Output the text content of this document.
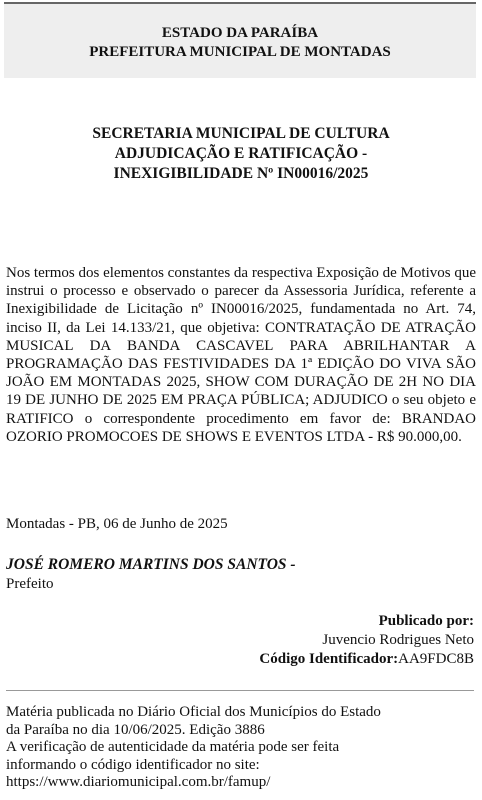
ESTADO DA PARAÍBA
PREFEITURA MUNICIPAL DE MONTADAS
SECRETARIA MUNICIPAL DE CULTURA
ADJUDICAÇÃO E RATIFICAÇÃO -
INEXIGIBILIDADE Nº IN00016/2025
Nos termos dos elementos constantes da respectiva Exposição de Motivos que instrui o processo e observado o parecer da Assessoria Jurídica, referente a Inexigibilidade de Licitação nº IN00016/2025, fundamentada no Art. 74, inciso II, da Lei 14.133/21, que objetiva: CONTRATAÇÃO DE ATRAÇÃO MUSICAL DA BANDA CASCAVEL PARA ABRILHANTAR A PROGRAMAÇÃO DAS FESTIVIDADES DA 1ª EDIÇÃO DO VIVA SÃO JOÃO EM MONTADAS 2025, SHOW COM DURAÇÃO DE 2H NO DIA 19 DE JUNHO DE 2025 EM PRAÇA PÚBLICA; ADJUDICO o seu objeto e RATIFICO o correspondente procedimento em favor de: BRANDAO OZORIO PROMOCOES DE SHOWS E EVENTOS LTDA - R$ 90.000,00.
Montadas - PB, 06 de Junho de 2025
JOSÉ ROMERO MARTINS DOS SANTOS -
Prefeito
Publicado por:
Juvencio Rodrigues Neto
Código Identificador:AA9FDC8B
Matéria publicada no Diário Oficial dos Municípios do Estado
da Paraíba no dia 10/06/2025. Edição 3886
A verificação de autenticidade da matéria pode ser feita
informando o código identificador no site:
https://www.diariomunicipal.com.br/famup/
